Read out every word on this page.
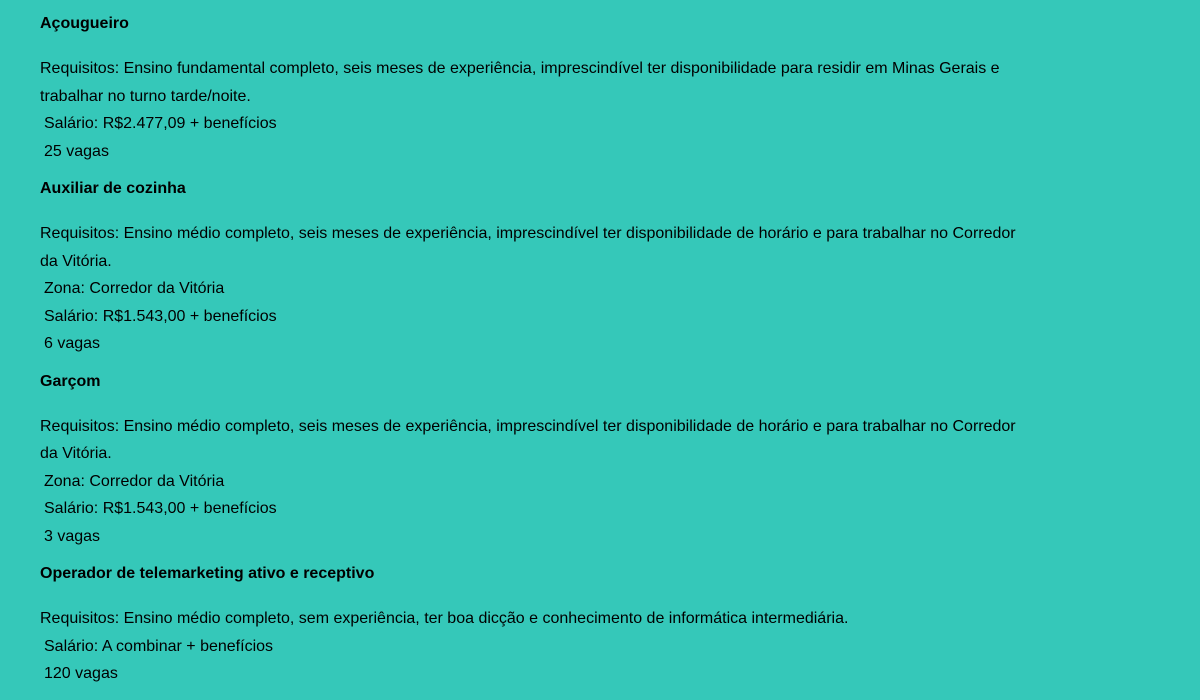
Açougueiro
Requisitos: Ensino fundamental completo, seis meses de experiência, imprescindível ter disponibilidade para residir em Minas Gerais e
trabalhar no turno tarde/noite.
Salário: R$2.477,09 + benefícios
25 vagas
Auxiliar de cozinha
Requisitos: Ensino médio completo, seis meses de experiência, imprescindível ter disponibilidade de horário e para trabalhar no Corredor
da Vitória.
Zona: Corredor da Vitória
Salário: R$1.543,00 + benefícios
6 vagas
Garçom
Requisitos: Ensino médio completo, seis meses de experiência, imprescindível ter disponibilidade de horário e para trabalhar no Corredor
da Vitória.
Zona: Corredor da Vitória
Salário: R$1.543,00 + benefícios
3 vagas
Operador de telemarketing ativo e receptivo
Requisitos: Ensino médio completo, sem experiência, ter boa dicção e conhecimento de informática intermediária.
Salário: A combinar + benefícios
120 vagas
